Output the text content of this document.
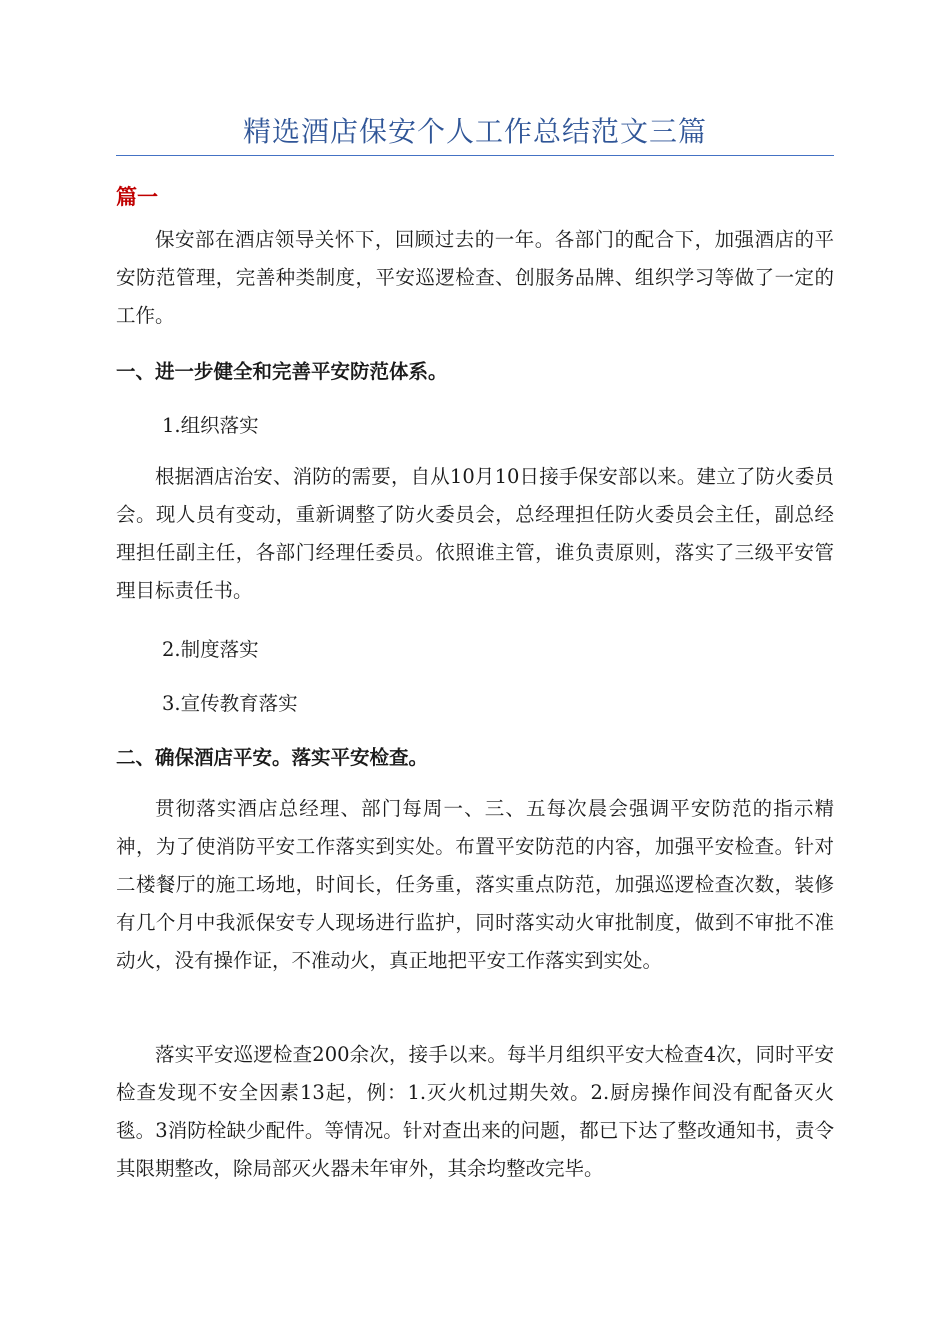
精选酒店保安个人工作总结范文三篇
篇一
保安部在酒店领导关怀下，回顾过去的一年。各部门的配合下，加强酒店的平安防范管理，完善种类制度，平安巡逻检查、创服务品牌、组织学习等做了一定的工作。
一、进一步健全和完善平安防范体系。
1.组织落实
根据酒店治安、消防的需要，自从10月10日接手保安部以来。建立了防火委员会。现人员有变动，重新调整了防火委员会，总经理担任防火委员会主任，副总经理担任副主任，各部门经理任委员。依照谁主管，谁负责原则，落实了三级平安管理目标责任书。
2.制度落实
3.宣传教育落实
二、确保酒店平安。落实平安检查。
贯彻落实酒店总经理、部门每周一、三、五每次晨会强调平安防范的指示精神，为了使消防平安工作落实到实处。布置平安防范的内容，加强平安检查。针对二楼餐厅的施工场地，时间长，任务重，落实重点防范，加强巡逻检查次数，装修有几个月中我派保安专人现场进行监护，同时落实动火审批制度，做到不审批不准动火，没有操作证，不准动火，真正地把平安工作落实到实处。
落实平安巡逻检查200余次，接手以来。每半月组织平安大检查4次，同时平安检查发现不安全因素13起，例：1.灭火机过期失效。2.厨房操作间没有配备灭火毯。3消防栓缺少配件。等情况。针对查出来的问题，都已下达了整改通知书，责令其限期整改，除局部灭火器未年审外，其余均整改完毕。
